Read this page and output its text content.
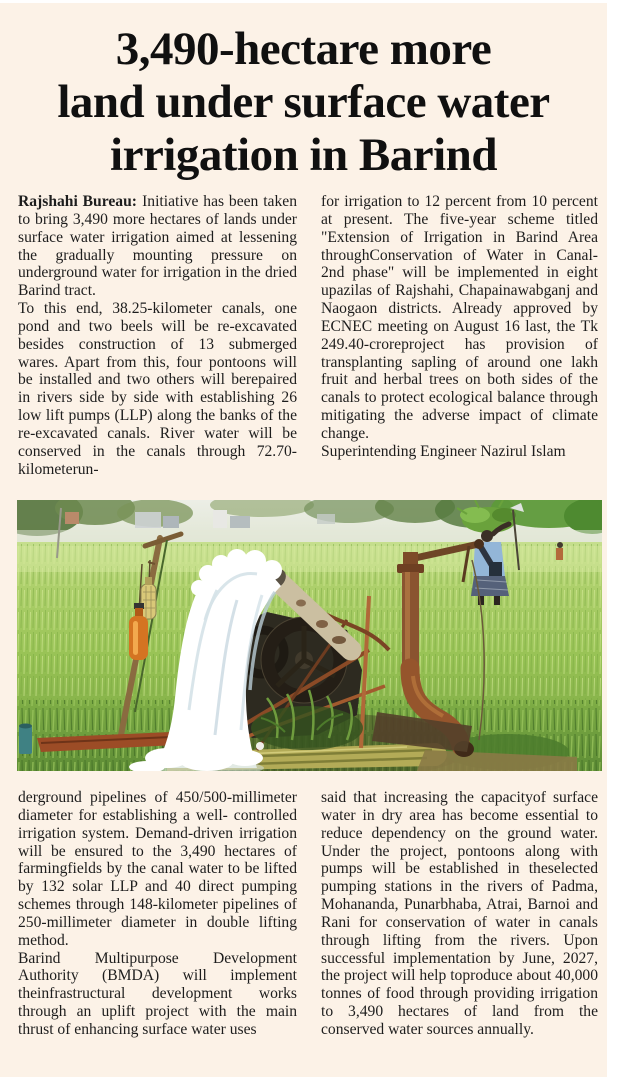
3,490-hectare more
land under surface water
irrigation in Barind

Rajshahi Bureau: Initiative has been taken to bring 3,490 more hectares of lands under surface water irrigation aimed at lessening the gradually mounting pressure on underground water for irrigation in the dried Barind tract.

To this end, 38.25-kilometer canals, one pond and two beels will be re-excavated besides construction of 13 submerged wares. Apart from this, four pontoons will be installed and two others will berepaired in rivers side by side with establishing 26 low lift pumps (LLP) along the banks of the re-excavated canals. River water will be conserved in the canals through 72.70-kilometerun-

for irrigation to 12 percent from 10 percent at present. The five-year scheme titled "Extension of Irrigation in Barind Area throughConservation of Water in Canal- 2nd phase" will be implemented in eight upazilas of Rajshahi, Chapainawabganj and Naogaon districts. Already approved by ECNEC meeting on August 16 last, the Tk 249.40-croreproject has provision of transplanting sapling of around one lakh fruit and herbal trees on both sides of the canals to protect ecological balance through mitigating the adverse impact of climate change.

Superintending Engineer Nazirul Islam

derground pipelines of 450/500-millimeter diameter for establishing a well- controlled irrigation system. Demand-driven irrigation will be ensured to the 3,490 hectares of farmingfields by the canal water to be lifted by 132 solar LLP and 40 direct pumping schemes through 148-kilometer pipelines of 250-millimeter diameter in double lifting method.

Barind Multipurpose Development Authority (BMDA) will implement theinfrastructural development works through an uplift project with the main thrust of enhancing surface water uses

said that increasing the capacityof surface water in dry area has become essential to reduce dependency on the ground water. Under the project, pontoons along with pumps will be established in theselected pumping stations in the rivers of Padma, Mohananda, Punarbhaba, Atrai, Barnoi and Rani for conservation of water in canals through lifting from the rivers. Upon successful implementation by June, 2027, the project will help toproduce about 40,000 tonnes of food through providing irrigation to 3,490 hectares of land from the conserved water sources annually.
